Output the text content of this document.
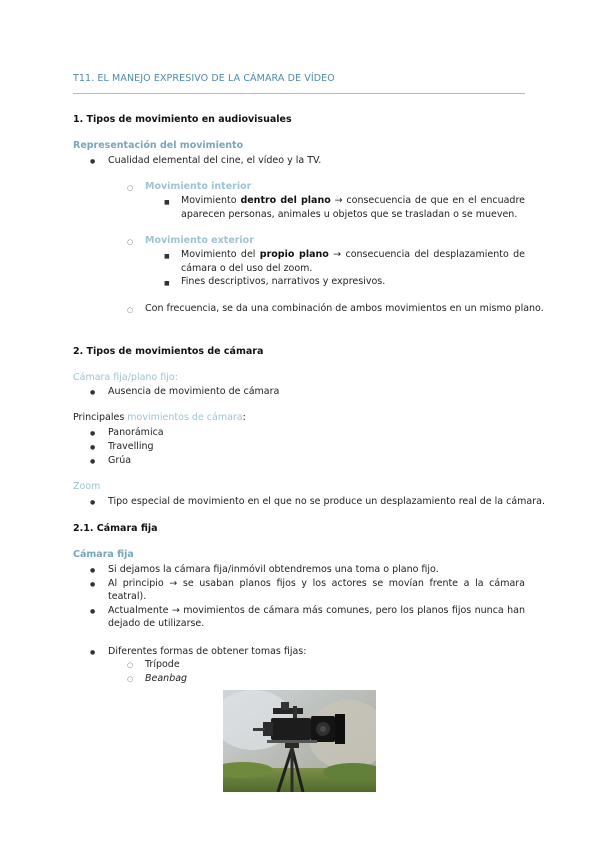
T11. EL MANEJO EXPRESIVO DE LA CÁMARA DE VÍDEO
1. Tipos de movimiento en audiovisuales
Representación del movimiento
● Cualidad elemental del cine, el vídeo y la TV.
○ Movimiento interior
■ Movimiento dentro del plano → consecuencia de que en el encuadre
aparecen personas, animales u objetos que se trasladan o se mueven.
○ Movimiento exterior
■ Movimiento del propio plano → consecuencia del desplazamiento de
cámara o del uso del zoom.
■ Fines descriptivos, narrativos y expresivos.
○ Con frecuencia, se da una combinación de ambos movimientos en un mismo plano.
2. Tipos de movimientos de cámara
Cámara fija/plano fijo:
● Ausencia de movimiento de cámara
Principales movimientos de cámara:
● Panorámica
● Travelling
● Grúa
Zoom
● Tipo especial de movimiento en el que no se produce un desplazamiento real de la cámara.
2.1. Cámara fija
Cámara fija
● Si dejamos la cámara fija/inmóvil obtendremos una toma o plano fijo.
● Al principio → se usaban planos fijos y los actores se movían frente a la cámara
teatral).
● Actualmente → movimientos de cámara más comunes, pero los planos fijos nunca han
dejado de utilizarse.
● Diferentes formas de obtener tomas fijas:
○ Trípode
○ Beanbag
